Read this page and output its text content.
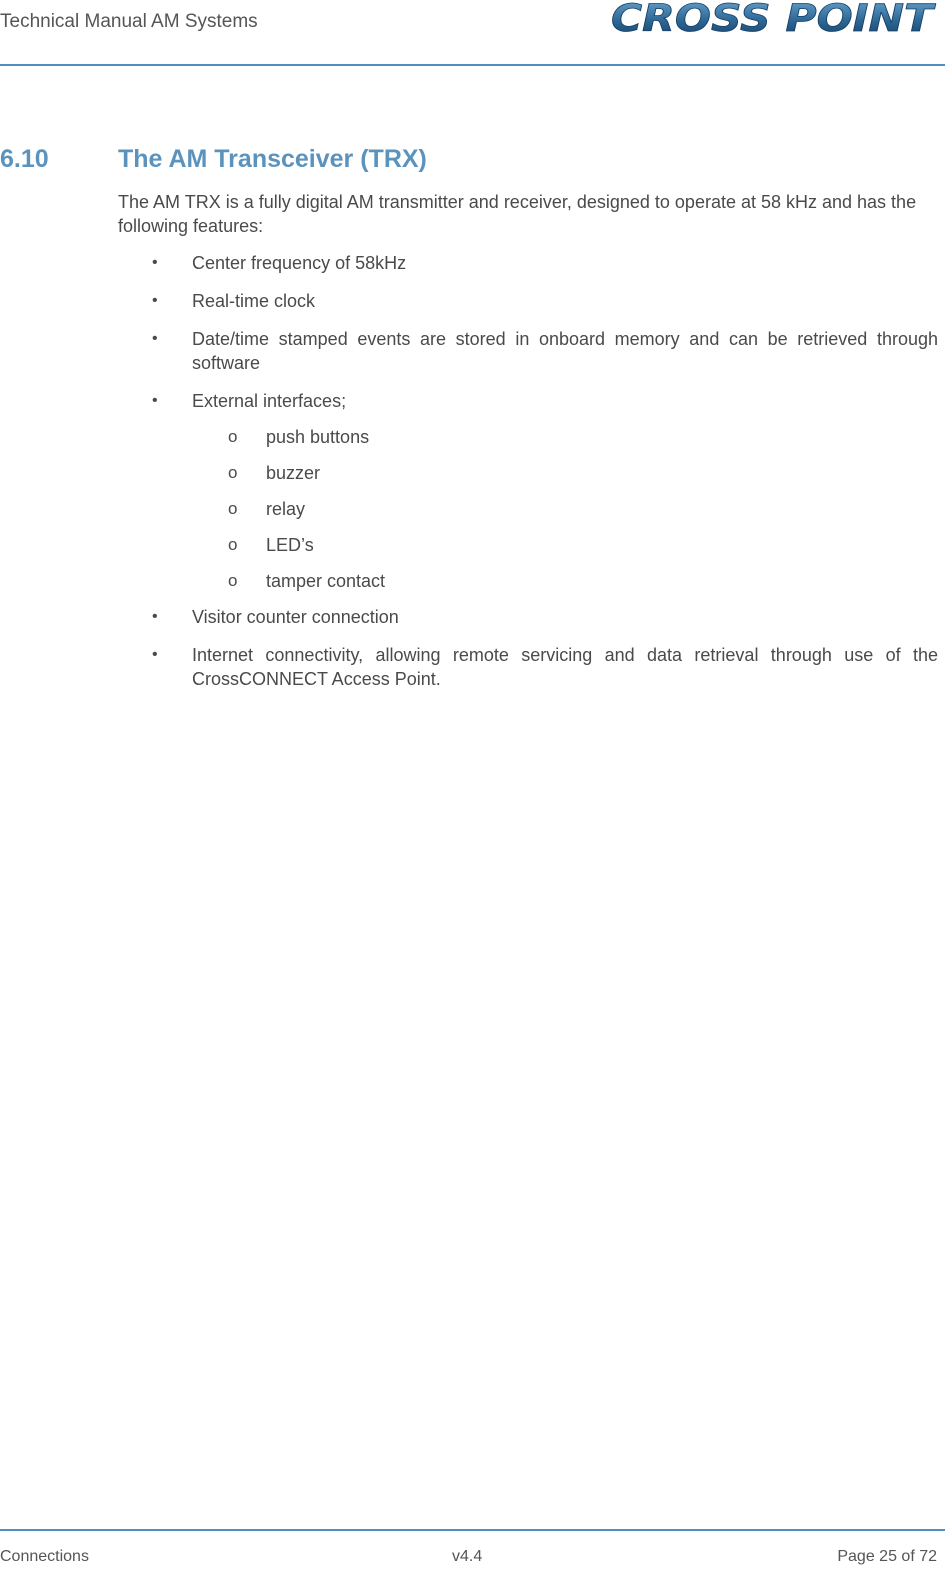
Technical Manual AM Systems	CROSS POINT
6.10	The AM Transceiver (TRX)
The AM TRX is a fully digital AM transmitter and receiver, designed to operate at 58 kHz and has the following features:
• Center frequency of 58kHz
• Real-time clock
• Date/time stamped events are stored in onboard memory and can be retrieved through software
• External interfaces;
o push buttons
o buzzer
o relay
o LED’s
o tamper contact
• Visitor counter connection
• Internet connectivity, allowing remote servicing and data retrieval through use of the CrossCONNECT Access Point.
Connections	v4.4	Page 25 of 72
